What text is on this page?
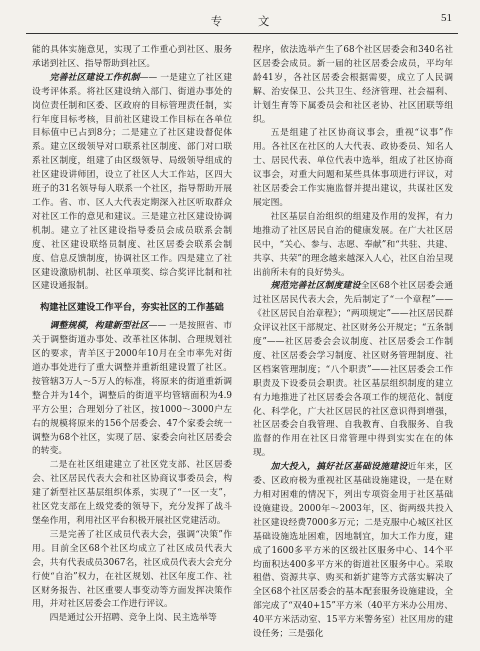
专 文	51

能的具体实施意见，实现了工作重心到社区、服务承诺到社区、指导帮助到社区。

完善社区建设工作机制—— 一是建立了社区建设考评体系。将社区建设纳入部门、街道办事处的岗位责任制和区委、区政府的目标管理责任制，实行年度目标考核，目前社区建设工作目标在各单位目标值中已占到8分；二是建立了社区建设督促体系。建立区级领导对口联系社区制度、部门对口联系社区制度，组建了由区级领导、局级领导组成的社区建设讲师团，设立了社区人大工作站，区四大班子的31名领导每人联系一个社区，指导帮助开展工作。省、市、区人大代表定期深入社区听取群众对社区工作的意见和建议。三是建立社区建设协调机制。建立了社区建设指导委员会成员联系会制度、社区建设联络员制度、社区居委会联系会制度、信息反馈制度，协调社区工作。四是建立了社区建设激励机制、社区单项奖、综合奖评比制和社区建设通报制。

构建社区建设工作平台，夯实社区的工作基础

调整规模，构建新型社区—— 一是按照省、市关于调整街道办事处、改革社区体制、合理规划社区的要求，青羊区于2000年10月在全市率先对街道办事处进行了重大调整并重新组建设置了社区。按管辖3万人～5万人的标准，将原来的街道重新调整合并为14个，调整后的街道平均管辖面积为4.9平方公里；合理划分了社区，按1000～3000户左右的规模将原来的156个居委会、47个家委会统一调整为68个社区，实现了居、家委会向社区居委会的转变。

二是在社区组建建立了社区党支部、社区居委会、社区居民代表大会和社区协商议事委员会，构建了新型社区基层组织体系，实现了“一区一支”，社区党支部在上级党委的领导下，充分发挥了战斗堡垒作用，利用社区平台积极开展社区党建活动。

三是完善了社区成员代表大会，强调“决策”作用。目前全区68个社区均成立了社区成员代表大会，共有代表成员3067名，社区成员代表大会充分行使“自治”权力，在社区规划、社区年度工作、社区财务报告、社区重要人事变动等方面发挥决策作用，并对社区居委会工作进行评议。

四是通过公开招聘、竞争上岗、民主选举等

程序，依法选举产生了68个社区居委会和340名社区居委会成员。新一届的社区居委会成员，平均年龄41岁，各社区居委会根据需要，成立了人民调解、治安保卫、公共卫生、经济管理、社会福利、计划生育等下属委员会和社区老协、社区团联等组织。

五是组建了社区协商议事会，重视“议事”作用。各社区在社区的人大代表、政协委员、知名人士、居民代表、单位代表中选举，组成了社区协商议事会，对重大问题和某些具体事项进行评议，对社区居委会工作实施监督并提出建议，共谋社区发展定图。

社区基层自治组织的组建及作用的发挥，有力地推动了社区居民自治的健康发展。在广大社区居民中，“关心、参与、志愿、奉献”和“共驻、共建、共享、共荣”的理念越来越深入人心，社区自治呈现出前所未有的良好势头。

规范完善社区制度建设全区68个社区居委会通过社区居民代表大会，先后制定了“一个章程”——《社区居民自治章程》；“两项规定”——社区居民群众评议社区干部规定、社区财务公开规定；“五条制度”——社区居委会会议制度、社区居委会工作制度、社区居委会学习制度、社区财务管理制度、社区档案管理制度；“八个职责”——社区居委会工作职责及下设委员会职责。社区基层组织制度的建立有力地推进了社区居委会各项工作的规范化、制度化、科学化，广大社区居民的社区意识得到增强，社区居委会自我管理、自我教育、自我服务、自我监督的作用在社区日常管理中得到实实在在的体现。

加大投入，搞好社区基础设施建设近年来，区委、区政府极为重视社区基础设施建设，一是在财力相对困难的情况下，列出专项资金用于社区基础设施建设。2000年～2003年，区、街两级共投入社区建设经费7000多万元；二是克服中心城区社区基础设施选址困难，因地制宜，加大工作力度，建成了1600多平方米的区级社区服务中心、14个平均面积达400多平方米的街道社区服务中心。采取租借、资源共享、购买和新扩建等方式落实解决了全区68个社区居委会的基本配套服务设施建设，全部完成了“双40+15”平方米（40平方米办公用房、40平方米活动室、15平方米警务室）社区用房的建设任务；三是强化
